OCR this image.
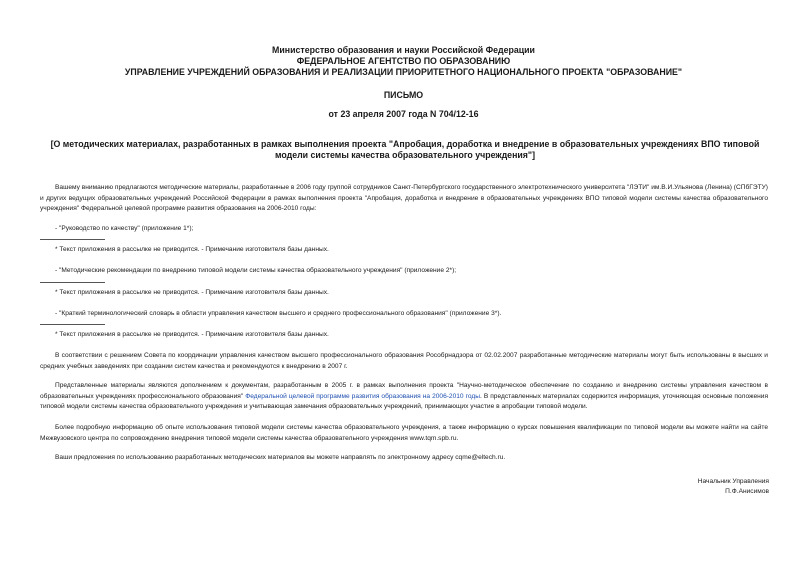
Министерство образования и науки Российской Федерации
ФЕДЕРАЛЬНОЕ АГЕНТСТВО ПО ОБРАЗОВАНИЮ
УПРАВЛЕНИЕ УЧРЕЖДЕНИЙ ОБРАЗОВАНИЯ И РЕАЛИЗАЦИИ ПРИОРИТЕТНОГО НАЦИОНАЛЬНОГО ПРОЕКТА "ОБРАЗОВАНИЕ"
ПИСЬМО
от 23 апреля 2007 года N 704/12-16
[О методических материалах, разработанных в рамках выполнения проекта "Апробация, доработка и внедрение в образовательных учреждениях ВПО типовой модели системы качества образовательного учреждения"]
Вашему вниманию предлагаются методические материалы, разработанные в 2006 году группой сотрудников Санкт-Петербургского государственного электротехнического университета "ЛЭТИ" им.В.И.Ульянова (Ленина) (СПбГЭТУ) и других ведущих образовательных учреждений Российской Федерации в рамках выполнения проекта "Апробация, доработка и внедрение в образовательных учреждениях ВПО типовой модели системы качества образовательного учреждения" Федеральной целевой программе развития образования на 2006-2010 годы:
- "Руководство по качеству" (приложение 1*);
* Текст приложения в рассылке не приводится. - Примечание изготовителя базы данных.
- "Методические рекомендации по внедрению типовой модели системы качества образовательного учреждения" (приложение 2*);
* Текст приложения в рассылке не приводится. - Примечание изготовителя базы данных.
- "Краткий терминологический словарь в области управления качеством высшего и среднего профессионального образования" (приложение 3*).
* Текст приложения в рассылке не приводится. - Примечание изготовителя базы данных.
В соответствии с решением Совета по координации управления качеством высшего профессионального образования Рособрнадзора от 02.02.2007 разработанные методические материалы могут быть использованы в высших и средних учебных заведениях при создании систем качества и рекомендуются к внедрению в 2007 г.
Представленные материалы являются дополнением к документам, разработанным в 2005 г. в рамках выполнения проекта "Научно-методическое обеспечение по созданию и внедрению системы управления качеством в образовательных учреждениях профессионального образования" Федеральной целевой программе развития образования на 2006-2010 годы. В представленных материалах содержится информация, уточняющая основные положения типовой модели системы качества образовательного учреждения и учитывающая замечания образовательных учреждений, принимающих участие в апробации типовой модели.
Более подробную информацию об опыте использования типовой модели системы качества образовательного учреждения, а также информацию о курсах повышения квалификации по типовой модели вы можете найти на сайте Межвузовского центра по сопровождению внедрения типовой модели системы качества образовательного учреждения www.tqm.spb.ru.
Ваши предложения по использованию разработанных методических материалов вы можете направлять по электронному адресу cqme@eltech.ru.
Начальник Управления
П.Ф.Анисимов
